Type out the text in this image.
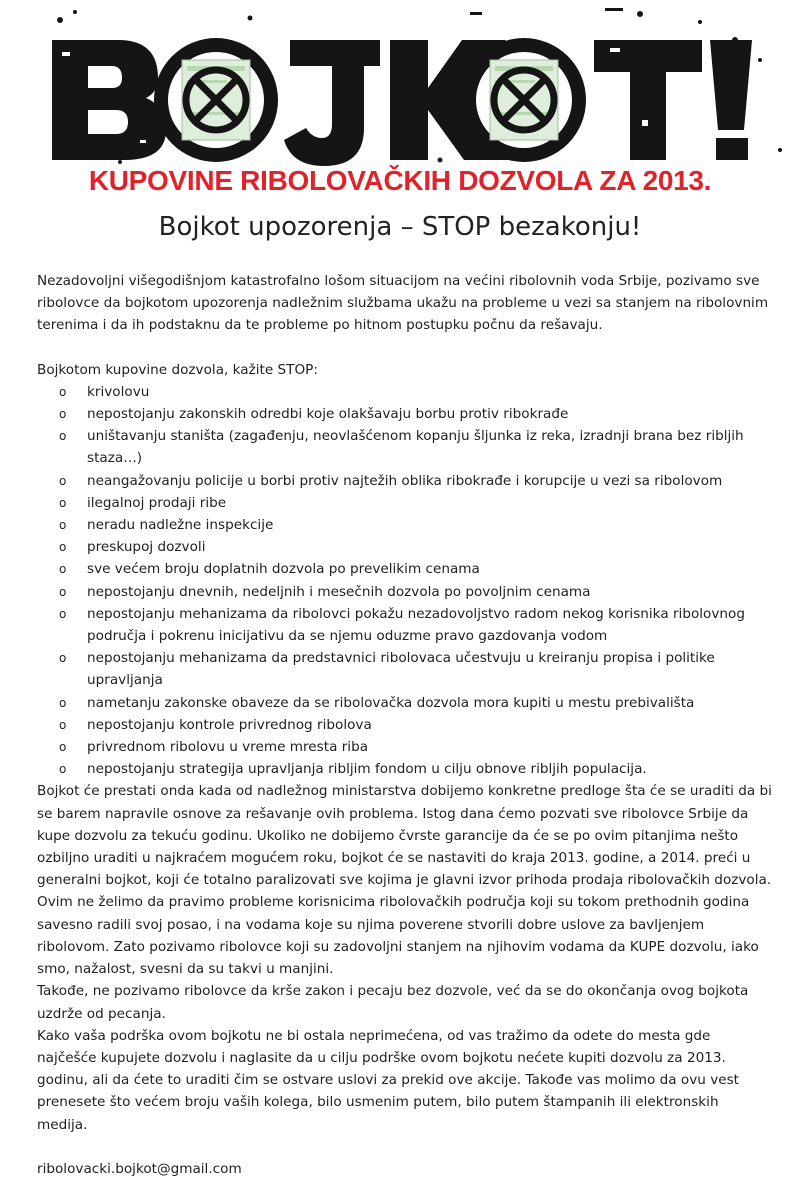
KUPOVINE RIBOLOVAČKIH DOZVOLA ZA 2013.
Bojkot upozorenja – STOP bezakonju!

Nezadovoljni višegodišnjom katastrofalno lošom situacijom na većini ribolovnih voda Srbije, pozivamo sve ribolovce da bojkotom upozorenja nadležnim službama ukažu na probleme u vezi sa stanjem na ribolovnim terenima i da ih podstaknu da te probleme po hitnom postupku počnu da rešavaju.

Bojkotom kupovine dozvola, kažite STOP:

o krivolovu
o nepostojanju zakonskih odredbi koje olakšavaju borbu protiv ribokrađe
o uništavanju staništa (zagađenju, neovlašćenom kopanju šljunka iz reka, izradnji brana bez ribljih staza…)
o neangažovanju policije u borbi protiv najtežih oblika ribokrađe i korupcije u vezi sa ribolovom
o ilegalnoj prodaji ribe
o neradu nadležne inspekcije
o preskupoj dozvoli
o sve većem broju doplatnih dozvola po prevelikim cenama
o nepostojanju dnevnih, nedeljnih i mesečnih dozvola po povoljnim cenama
o nepostojanju mehanizama da ribolovci pokažu nezadovoljstvo radom nekog korisnika ribolovnog područja i pokrenu inicijativu da se njemu oduzme pravo gazdovanja vodom
o nepostojanju mehanizama da predstavnici ribolovaca učestvuju u kreiranju propisa i politike upravljanja
o nametanju zakonske obaveze da se ribolovačka dozvola mora kupiti u mestu prebivališta
o nepostojanju kontrole privrednog ribolova
o privrednom ribolovu u vreme mresta riba
o nepostojanju strategija upravljanja ribljim fondom u cilju obnove ribljih populacija.

Bojkot će prestati onda kada od nadležnog ministarstva dobijemo konkretne predloge šta će se uraditi da bi se barem napravile osnove za rešavanje ovih problema. Istog dana ćemo pozvati sve ribolovce Srbije da kupe dozvolu za tekuću godinu. Ukoliko ne dobijemo čvrste garancije da će se po ovim pitanjima nešto ozbiljno uraditi u najkraćem mogućem roku, bojkot će se nastaviti do kraja 2013. godine, a 2014. preći u generalni bojkot, koji će totalno paralizovati sve kojima je glavni izvor prihoda prodaja ribolovačkih dozvola.

Ovim ne želimo da pravimo probleme korisnicima ribolovačkih područja koji su tokom prethodnih godina savesno radili svoj posao, i na vodama koje su njima poverene stvorili dobre uslove za bavljenjem ribolovom. Zato pozivamo ribolovce koji su zadovoljni stanjem na njihovim vodama da KUPE dozvolu, iako smo, nažalost, svesni da su takvi u manjini.

Takođe, ne pozivamo ribolovce da krše zakon i pecaju bez dozvole, već da se do okončanja ovog bojkota uzdrže od pecanja.

Kako vaša podrška ovom bojkotu ne bi ostala neprimećena, od vas tražimo da odete do mesta gde najčešće kupujete dozvolu i naglasite da u cilju podrške ovom bojkotu nećete kupiti dozvolu za 2013. godinu, ali da ćete to uraditi čim se ostvare uslovi za prekid ove akcije. Takođe vas molimo da ovu vest prenesete što većem broju vaših kolega, bilo usmenim putem, bilo putem štampanih ili elektronskih medija.

ribolovacki.bojkot@gmail.com
